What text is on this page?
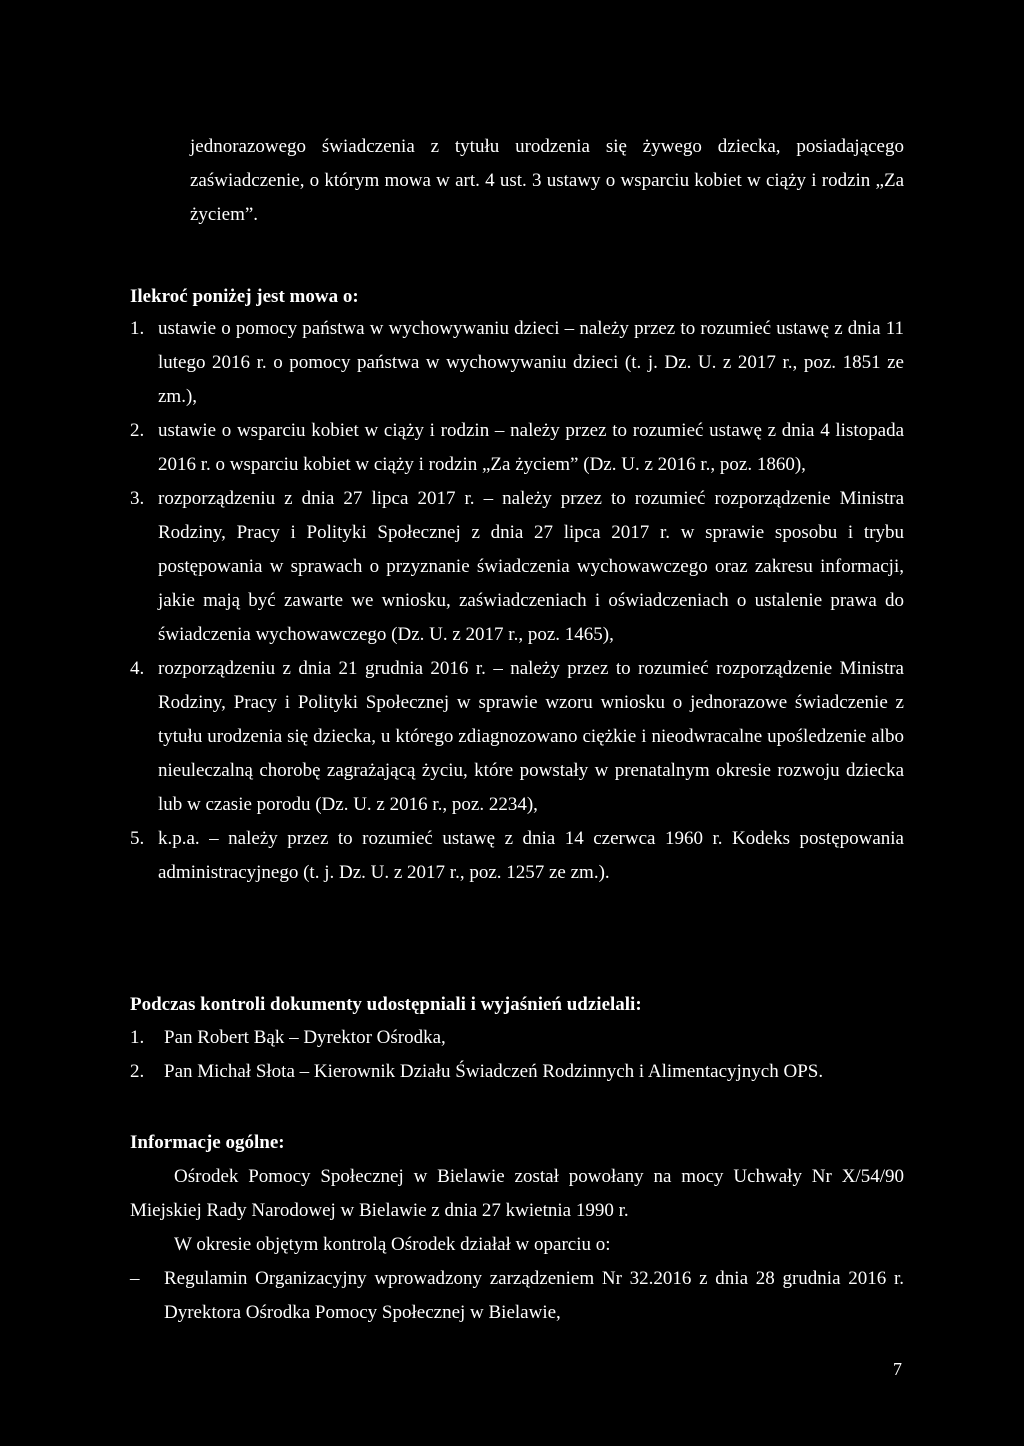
jednorazowego świadczenia z tytułu urodzenia się żywego dziecka, posiadającego zaświadczenie, o którym mowa w art. 4 ust. 3 ustawy o wsparciu kobiet w ciąży i rodzin „Za życiem”.

Ilekroć poniżej jest mowa o:

1. ustawie o pomocy państwa w wychowywaniu dzieci – należy przez to rozumieć ustawę z dnia 11 lutego 2016 r. o pomocy państwa w wychowywaniu dzieci (t. j. Dz. U. z 2017 r., poz. 1851 ze zm.),
2. ustawie o wsparciu kobiet w ciąży i rodzin – należy przez to rozumieć ustawę z dnia 4 listopada 2016 r. o wsparciu kobiet w ciąży i rodzin „Za życiem” (Dz. U. z 2016 r., poz. 1860),
3. rozporządzeniu z dnia 27 lipca 2017 r. – należy przez to rozumieć rozporządzenie Ministra Rodziny, Pracy i Polityki Społecznej z dnia 27 lipca 2017 r. w sprawie sposobu i trybu postępowania w sprawach o przyznanie świadczenia wychowawczego oraz zakresu informacji, jakie mają być zawarte we wniosku, zaświadczeniach i oświadczeniach o ustalenie prawa do świadczenia wychowawczego (Dz. U. z 2017 r., poz. 1465),
4. rozporządzeniu z dnia 21 grudnia 2016 r. – należy przez to rozumieć rozporządzenie Ministra Rodziny, Pracy i Polityki Społecznej w sprawie wzoru wniosku o jednorazowe świadczenie z tytułu urodzenia się dziecka, u którego zdiagnozowano ciężkie i nieodwracalne upośledzenie albo nieuleczalną chorobę zagrażającą życiu, które powstały w prenatalnym okresie rozwoju dziecka lub w czasie porodu (Dz. U. z 2016 r., poz. 2234),
5. k.p.a. – należy przez to rozumieć ustawę z dnia 14 czerwca 1960 r. Kodeks postępowania administracyjnego (t. j. Dz. U. z 2017 r., poz. 1257 ze zm.).

Podczas kontroli dokumenty udostępniali i wyjaśnień udzielali:

1.	Pan Robert Bąk – Dyrektor Ośrodka,
2.	Pan Michał Słota – Kierownik Działu Świadczeń Rodzinnych i Alimentacyjnych OPS.

Informacje ogólne:

Ośrodek Pomocy Społecznej w Bielawie został powołany na mocy Uchwały Nr X/54/90 Miejskiej Rady Narodowej w Bielawie z dnia 27 kwietnia 1990 r.

W okresie objętym kontrolą Ośrodek działał w oparciu o:

–	Regulamin Organizacyjny wprowadzony zarządzeniem Nr 32.2016 z dnia 28 grudnia 2016 r. Dyrektora Ośrodka Pomocy Społecznej w Bielawie,
7
